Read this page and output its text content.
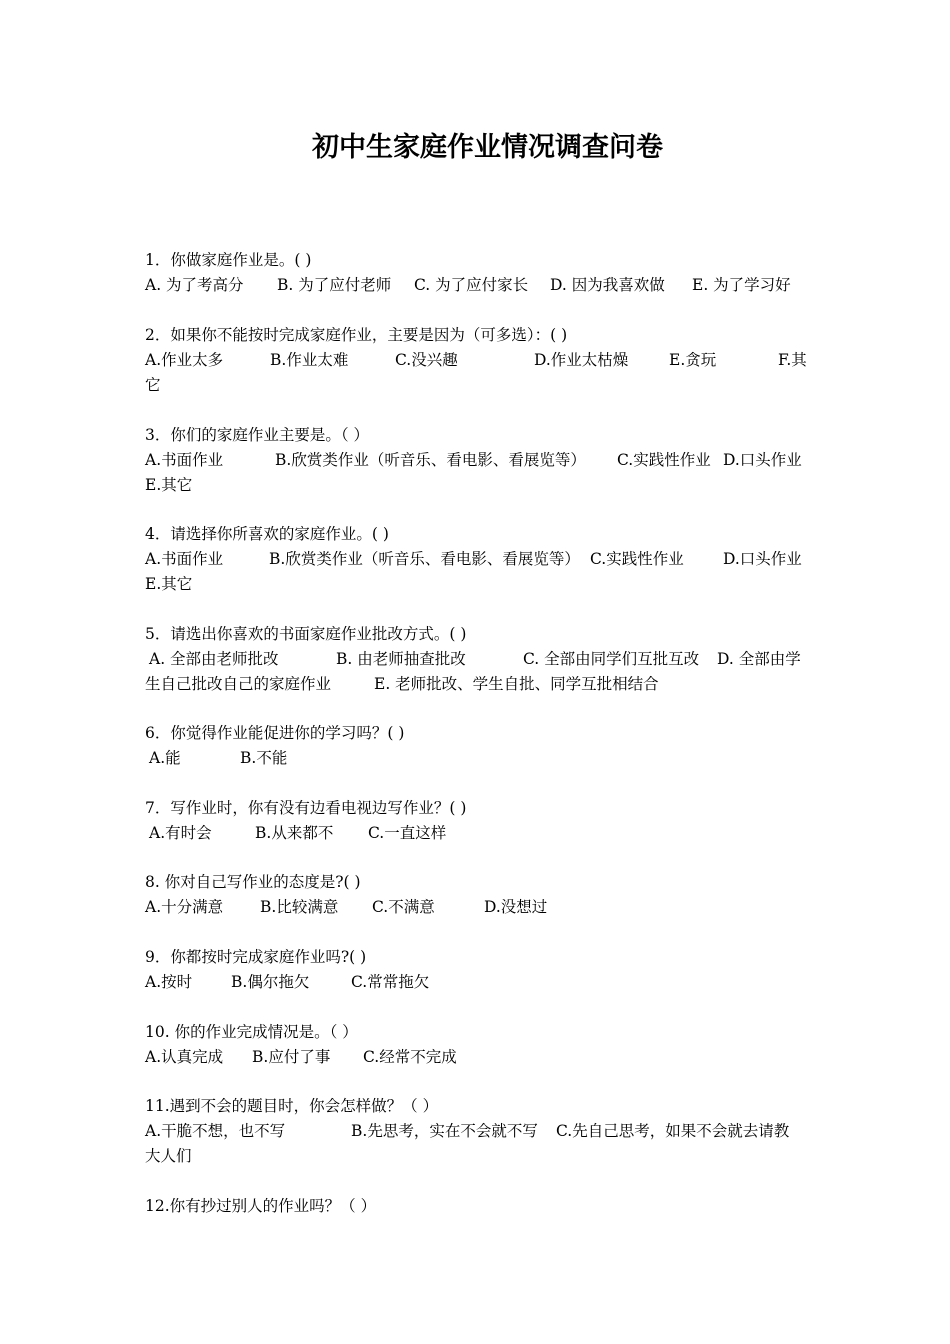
初中生家庭作业情况调查问卷
1．你做家庭作业是。( )
A. 为了考高分 B. 为了应付老师 C. 为了应付家长 D. 因为我喜欢做 E. 为了学习好
2．如果你不能按时完成家庭作业，主要是因为（可多选）：( )
A.作业太多	B.作业太难	C.没兴趣	D.作业太枯燥	E.贪玩	F.其
它
3．你们的家庭作业主要是。（ ）
A.书面作业	B.欣赏类作业（听音乐、看电影、看展览等） C.实践性作业 D.口头作业
E.其它
4．请选择你所喜欢的家庭作业。( )
A.书面作业	B.欣赏类作业（听音乐、看电影、看展览等） C.实践性作业	D.口头作业
E.其它
5．请选出你喜欢的书面家庭作业批改方式。( )
A. 全部由老师批改	B. 由老师抽查批改	C. 全部由同学们互批互改 D. 全部由学
生自己批改自己的家庭作业	E. 老师批改、学生自批、同学互批相结合
6．你觉得作业能促进你的学习吗？( )
A.能	B.不能
7．写作业时，你有没有边看电视边写作业？( )
A.有时会	B.从来都不 C.一直这样
8. 你对自己写作业的态度是?( )
A.十分满意 B.比较满意 C.不满意	D.没想过
9．你都按时完成家庭作业吗?( )
A.按时	B.偶尔拖欠	C.常常拖欠
10. 你的作业完成情况是。（ ）
A.认真完成 B.应付了事 C.经常不完成
11.遇到不会的题目时，你会怎样做？（ ）
A.干脆不想，也不写	B.先思考，实在不会就不写 C.先自己思考，如果不会就去请教
大人们
12.你有抄过别人的作业吗？（ ）
